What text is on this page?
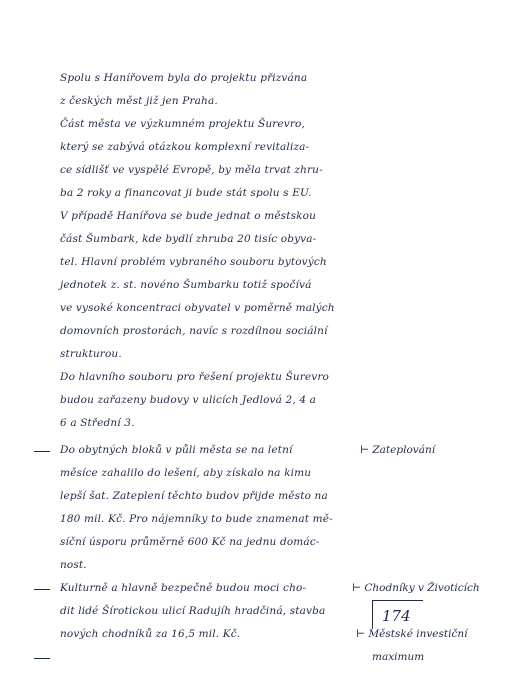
Spolu s Hanířovem byla do projektu přizvána
z českých měst již jen Praha.
Část města ve výzkumném projektu Šurevro,
který se zabývá otázkou komplexní revitaliza-
ce sídlišť ve vyspělé Evropě, by měla trvat zhru-
ba 2 roky a financovat ji bude stát spolu s EU.
V případě Hanířova se bude jednat o městskou
část Šumbark, kde bydlí zhruba 20 tisíc obyva-
tel. Hlavní problém vybraného souboru bytových
jednotek z. st. novéno Šumbarku totiž spočívá
ve vysoké koncentraci obyvatel v poměrně malých
domovních prostorách, navíc s rozdílnou sociální
strukturou.
Do hlavního souboru pro řešení projektu Šurevro
budou zařazeny budovy v ulicích Jedlová 2, 4 a
6 a Střední 3.
Do obytných bloků v půli města se na letní
měsíce zahalilo do lešení, aby získalo na kimu
lepší šat. Zateplení těchto budov přijde město na
180 mil. Kč. Pro nájemníky to bude znamenat mě-
síční úsporu průměrně 600 Kč na jednu domác-
nost.
Kulturně a hlavně bezpečně budou moci cho-
dit lidé Šírotickou ulicí Radujíh hradčiná, stavba
nových chodníků za 16,5 mil. Kč.
⊢ Zateplování
⊢ Chodníky v Životicích
⊢ Městské investiční
maximum
174
